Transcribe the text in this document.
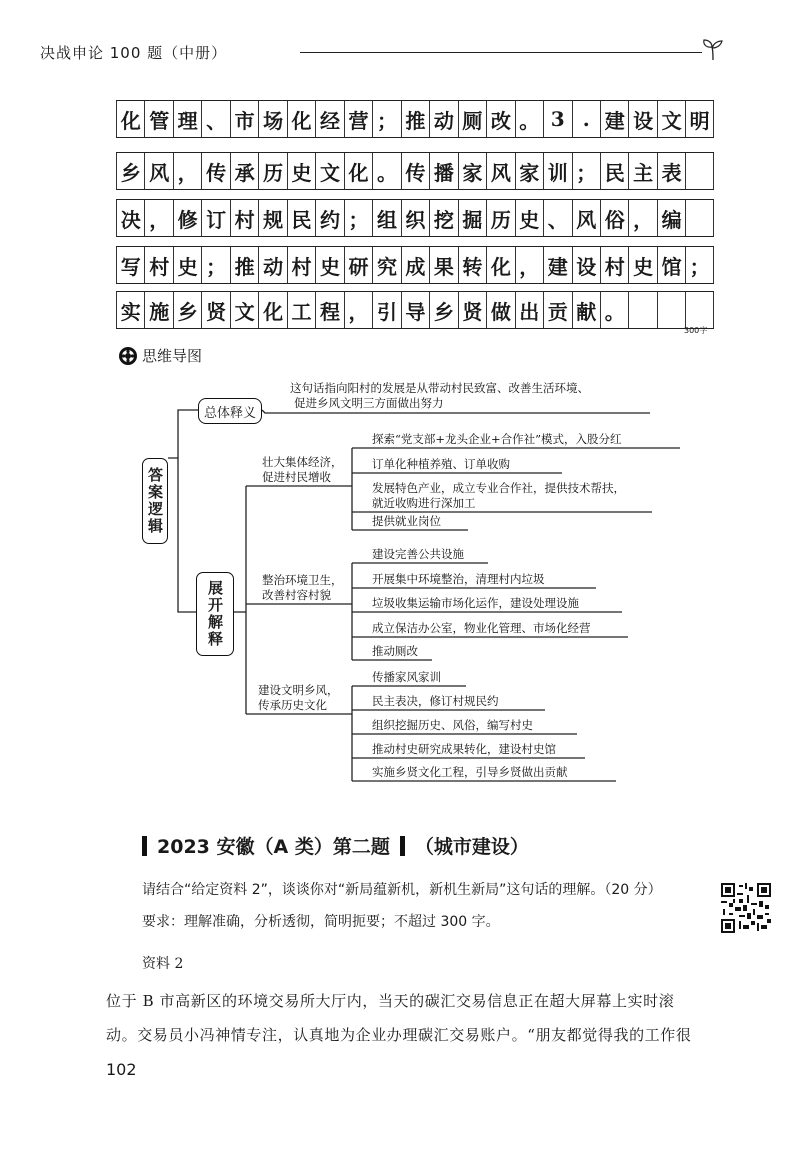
决战申论 100 题（中册）
化 管 理 、 市 场 化 经 营 ； 推 动 厕 改 。 3 . 建 设 文 明
乡 风 ， 传 承 历 史 文 化 。 传 播 家 风 家 训 ； 民 主 表
决 ， 修 订 村 规 民 约 ； 组 织 挖 掘 历 史 、 风 俗 ， 编
写 村 史 ； 推 动 村 史 研 究 成 果 转 化 ， 建 设 村 史 馆 ；
实 施 乡 贤 文 化 工 程 ， 引 导 乡 贤 做 出 贡 献 。
300字
思维导图
答案逻辑
总体释义
这句话指向阳村的发展是从带动村民致富、改善生活环境、
促进乡风文明三方面做出努力
展开解释
壮大集体经济，
促进村民增收
整治环境卫生，
改善村容村貌
建设文明乡风，
传承历史文化
探索“党支部+龙头企业+合作社”模式，入股分红
订单化种植养殖、订单收购
发展特色产业，成立专业合作社，提供技术帮扶，
就近收购进行深加工
提供就业岗位
建设完善公共设施
开展集中环境整治，清理村内垃圾
垃圾收集运输市场化运作，建设处理设施
成立保洁办公室，物业化管理、市场化经营
推动厕改
传播家风家训
民主表决，修订村规民约
组织挖掘历史、风俗，编写村史
推动村史研究成果转化，建设村史馆
实施乡贤文化工程，引导乡贤做出贡献
2023 安徽（A 类）第二题 （城市建设）
请结合“给定资料 2”，谈谈你对“新局蕴新机，新机生新局”这句话的理解。（20 分）
要求：理解准确，分析透彻，简明扼要；不超过 300 字。
资料 2
位于 B 市高新区的环境交易所大厅内，当天的碳汇交易信息正在超大屏幕上实时滚
动。交易员小冯神情专注，认真地为企业办理碳汇交易账户。“朋友都觉得我的工作很
102
